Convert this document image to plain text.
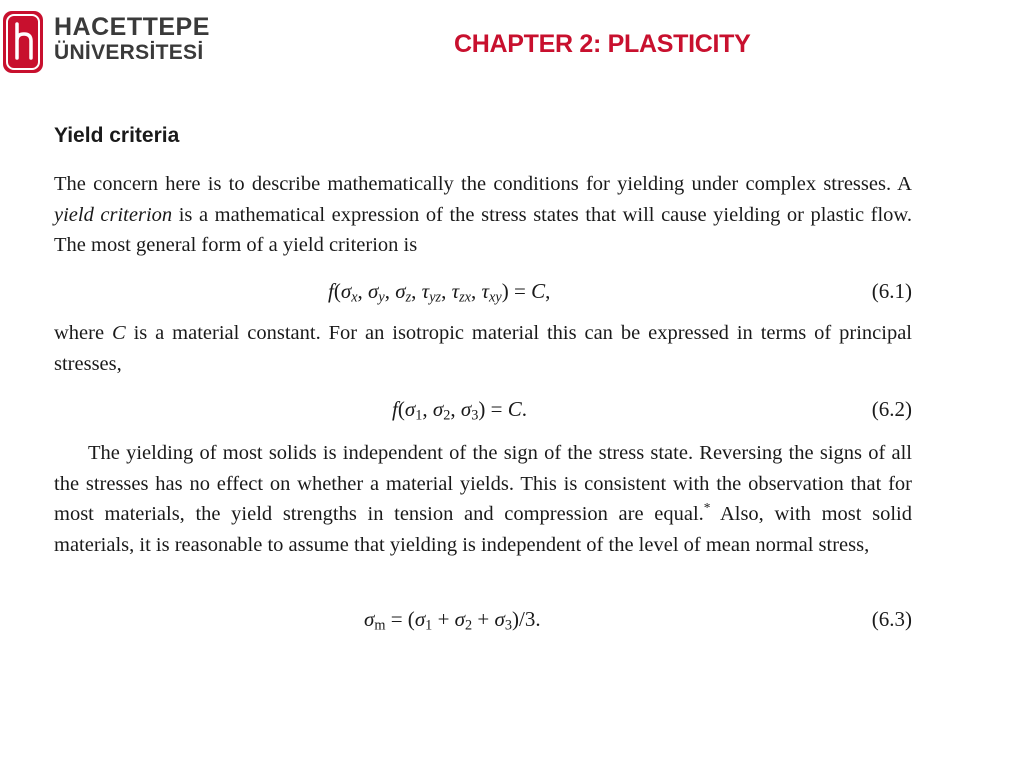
HACETTEPE
ÜNİVERSİTESİ	CHAPTER 2: PLASTICITY
Yield criteria
The concern here is to describe mathematically the conditions for yielding under complex stresses. A yield criterion is a mathematical expression of the stress states that will cause yielding or plastic flow. The most general form of a yield criterion is
$f(\sigma_x$, $\sigma_y$, $\sigma_z$, $\tau_{yz}$, $\tau_{zx}$, $\tau_{xy}) = C$,	(6.1)
where C is a material constant. For an isotropic material this can be expressed in terms of principal stresses,
$f(\sigma_1$, $\sigma_2$, $\sigma_3) = C$.	(6.2)
The yielding of most solids is independent of the sign of the stress state. Reversing the signs of all the stresses has no effect on whether a material yields. This is consistent with the observation that for most materials, the yield strengths in tension and compression are equal.* Also, with most solid materials, it is reasonable to assume that yielding is independent of the level of mean normal stress,
$\sigma_m = (\sigma_1 + \sigma_2 + \sigma_3)/3$.	(6.3)
